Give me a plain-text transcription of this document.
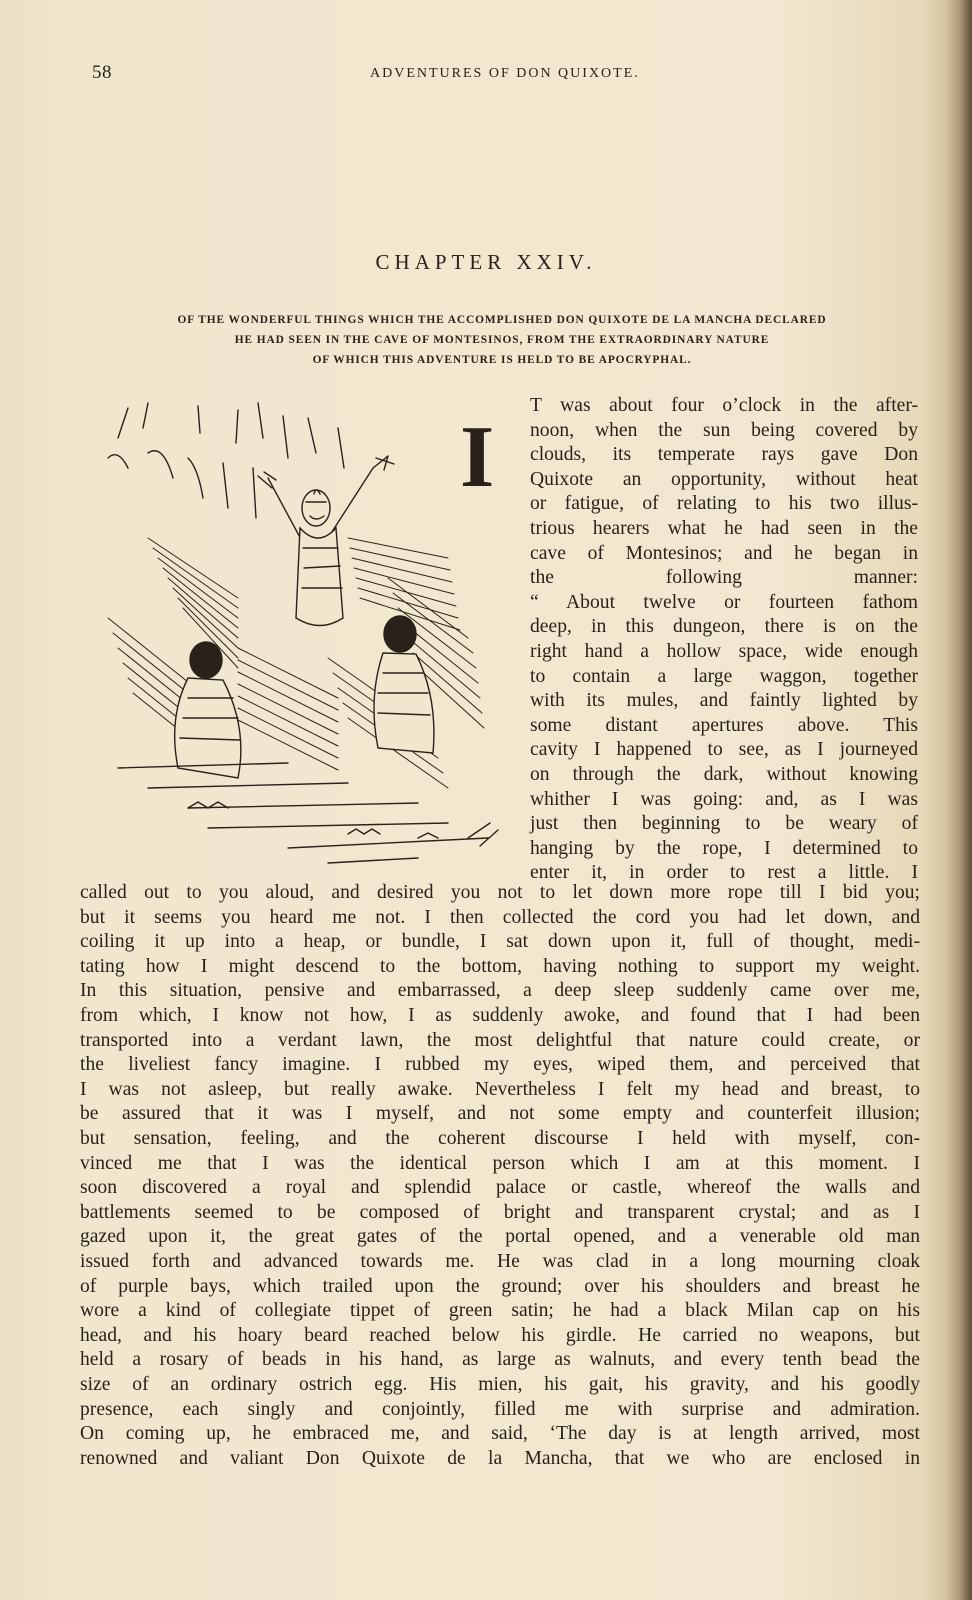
58	ADVENTURES OF DON QUIXOTE.
CHAPTER XXIV.
OF THE WONDERFUL THINGS WHICH THE ACCOMPLISHED DON QUIXOTE DE LA MANCHA DECLARED
HE HAD SEEN IN THE CAVE OF MONTESINOS, FROM THE EXTRAORDINARY NATURE
OF WHICH THIS ADVENTURE IS HELD TO BE APOCRYPHAL.
I
T was about four o’clock in the after-
noon, when the sun being covered by
clouds, its temperate rays gave Don
Quixote an opportunity, without heat
or fatigue, of relating to his two illus-
trious hearers what he had seen in the
cave of Montesinos; and he began in
the following manner:
“ About twelve or fourteen fathom
deep, in this dungeon, there is on the
right hand a hollow space, wide enough
to contain a large waggon, together
with its mules, and faintly lighted by
some distant apertures above. This
cavity I happened to see, as I journeyed
on through the dark, without knowing
whither I was going: and, as I was
just then beginning to be weary of
hanging by the rope, I determined to
enter it, in order to rest a little. I
called out to you aloud, and desired you not to let down more rope till I bid you;
but it seems you heard me not. I then collected the cord you had let down, and
coiling it up into a heap, or bundle, I sat down upon it, full of thought, medi-
tating how I might descend to the bottom, having nothing to support my weight.
In this situation, pensive and embarrassed, a deep sleep suddenly came over me,
from which, I know not how, I as suddenly awoke, and found that I had been
transported into a verdant lawn, the most delightful that nature could create, or
the liveliest fancy imagine. I rubbed my eyes, wiped them, and perceived that
I was not asleep, but really awake. Nevertheless I felt my head and breast, to
be assured that it was I myself, and not some empty and counterfeit illusion;
but sensation, feeling, and the coherent discourse I held with myself, con-
vinced me that I was the identical person which I am at this moment. I
soon discovered a royal and splendid palace or castle, whereof the walls and
battlements seemed to be composed of bright and transparent crystal; and as I
gazed upon it, the great gates of the portal opened, and a venerable old man
issued forth and advanced towards me. He was clad in a long mourning cloak
of purple bays, which trailed upon the ground; over his shoulders and breast he
wore a kind of collegiate tippet of green satin; he had a black Milan cap on his
head, and his hoary beard reached below his girdle. He carried no weapons, but
held a rosary of beads in his hand, as large as walnuts, and every tenth bead the
size of an ordinary ostrich egg. His mien, his gait, his gravity, and his goodly
presence, each singly and conjointly, filled me with surprise and admiration.
On coming up, he embraced me, and said, ‘The day is at length arrived, most
renowned and valiant Don Quixote de la Mancha, that we who are enclosed in
